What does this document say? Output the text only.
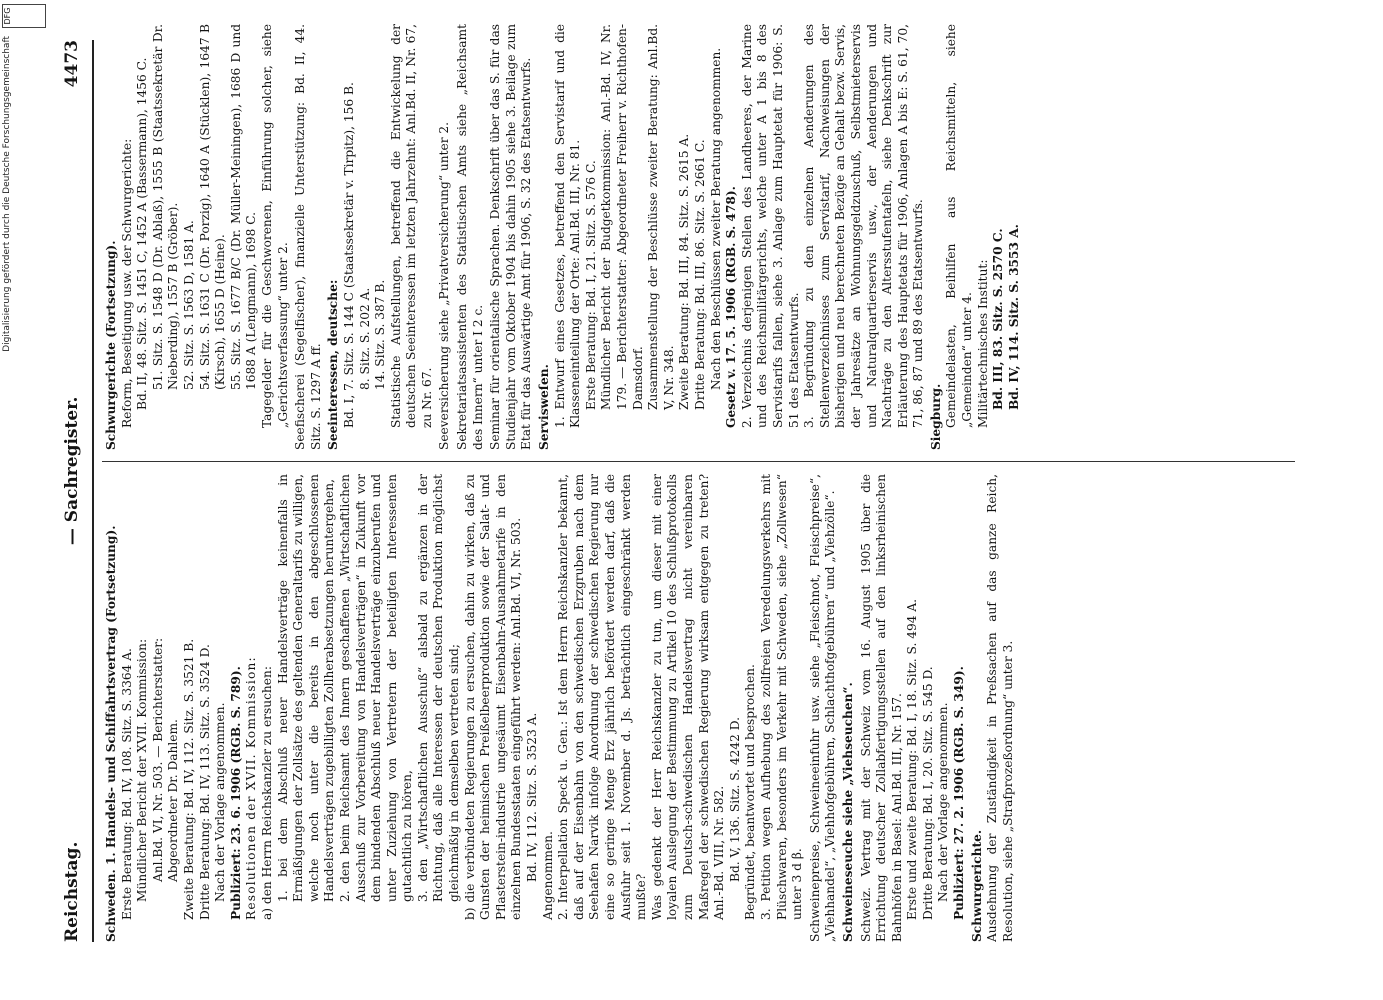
Reichstag.
— Sachregister.
4473

Schweden. 1. Handels- und Schiffahrtsvertrag (Fortsetzung). Erste Beratung: Bd. IV, 108. Sitz. S. 3364 A. Mündlicher Bericht der XVII. Kommission: Anl.Bd. VI, Nr. 503. — Berichterstatter: Abgeordneter Dr. Dahlem. Zweite Beratung: Bd. IV, 112. Sitz. S. 3521 B. Dritte Beratung: Bd. IV, 113. Sitz. S. 3524 D. Nach der Vorlage angenommen. Publiziert: 23. 6. 1906 (RGB. S. 789). Resolutionen der XVII. Kommission: a) den Herrn Reichskanzler zu ersuchen: 1. bei dem Abschluß neuer Handelsverträge keinenfalls in Ermäßigungen der Zollsätze des geltenden Generaltarifs zu willigen, welche noch unter die bereits in den abgeschlossenen Handelsverträgen zugebilligten Zollherabsetzungen heruntergehen, 2. den beim Reichsamt des Innern geschaffenen „Wirtschaftlichen Ausschuß zur Vorbereitung von Handelsverträgen“ in Zukunft vor dem bindenden Abschluß neuer Handelsverträge einzuberufen und unter Zuziehung von Vertretern der beteiligten Interessenten gutachtlich zu hören, 3. den „Wirtschaftlichen Ausschuß“ alsbald zu ergänzen in der Richtung, daß alle Interessen der deutschen Produktion möglichst gleichmäßig in demselben vertreten sind; b) die verbündeten Regierungen zu ersuchen, dahin zu wirken, daß zu Gunsten der heimischen Preißelbeerproduktion sowie der Salat- und Pflasterstein-industrie ungesäumt Eisenbahn-Ausnahmetarife in den einzelnen Bundesstaaten eingeführt werden: Anl.Bd. VI, Nr. 503. Bd. IV, 112. Sitz. S. 3523 A. Angenommen. 2. Interpellation Speck u. Gen.: Ist dem Herrn Reichskanzler bekannt, daß auf der Eisenbahn von den schwedischen Erzgruben nach dem Seehafen Narvik infolge Anordnung der schwedischen Regierung nur eine so geringe Menge Erz jährlich befördert werden darf, daß die Ausfuhr seit 1. November d. Js. beträchtlich eingeschränkt werden mußte? Was gedenkt der Herr Reichskanzler zu tun, um dieser mit einer loyalen Auslegung der Bestimmung zu Artikel 10 des Schlußprotokolls zum Deutsch-schwedischen Handelsvertrag nicht vereinbaren Maßregel der schwedischen Regierung wirksam entgegen zu treten? Anl.-Bd. VIII, Nr. 582. Bd. V, 136. Sitz. S. 4242 D. Begründet, beantwortet und besprochen. 3. Petition wegen Aufhebung des zollfreien Veredelungsverkehrs mit Plüschwaren, besonders im Verkehr mit Schweden, siehe „Zollwesen“ unter 3 d β. Schweinepreise, Schweineeinfuhr usw. siehe „Fleischnot, Fleischpreise“, „Viehhandel“, „Viehhofgebühren, Schlachthofgebühren“ und „Viehzölle“. Schweineseuche siehe „Viehseuchen“. Schweiz. Vertrag mit der Schweiz vom 16. August 1905 über die Errichtung deutscher Zollabfertigungsstellen auf den linksrheinischen Bahnhöfen in Basel: Anl.Bd. III, Nr. 157. Erste und zweite Beratung: Bd. I, 18. Sitz. S. 494 A. Dritte Beratung: Bd. I, 20. Sitz. S. 545 D. Nach der Vorlage angenommen. Publiziert: 27. 2. 1906 (RGB. S. 349). Schwurgerichte. Ausdehnung der Zuständigkeit in Preßsachen auf das ganze Reich, Resolution, siehe „Strafprozeßordnung“ unter 3.

Schwurgerichte (Fortsetzung). Reform, Beseitigung usw. der Schwurgerichte: Bd. II, 48. Sitz. S. 1451 C, 1452 A (Bassermann), 1456 C. 51. Sitz. S. 1548 D (Dr. Ablaß), 1555 B (Staatssekretär Dr. Nieberding), 1557 B (Gröber). 52. Sitz. S. 1563 D, 1581 A. 54. Sitz. S. 1631 C (Dr. Porzig), 1640 A (Stücklen), 1647 B (Kirsch), 1655 D (Heine). 55. Sitz. S. 1677 B/C (Dr. Müller-Meiningen), 1686 D und 1688 A (Lengmann), 1698 C. Tagegelder für die Geschworenen, Einführung solcher, siehe „Gerichtsverfassung“ unter 2. Seefischerei (Segelfischer), finanzielle Unterstützung: Bd. II, 44. Sitz. S. 1297 A ff. Seeinteressen, deutsche: Bd. I, 7. Sitz. S. 144 C (Staatssekretär v. Tirpitz), 156 B. 8. Sitz. S. 202 A. 14. Sitz. S. 387 B. Statistische Aufstellungen, betreffend die Entwickelung der deutschen Seeinteressen im letzten Jahrzehnt: Anl.Bd. II, Nr. 67, zu Nr. 67. Seeversicherung siehe „Privatversicherung“ unter 2. Sekretariatsassistenten des Statistischen Amts siehe „Reichsamt des Innern“ unter I 2 c. Seminar für orientalische Sprachen. Denkschrift über das S. für das Studienjahr vom Oktober 1904 bis dahin 1905 siehe 3. Beilage zum Etat für das Auswärtige Amt für 1906, S. 32 des Etatsentwurfs. Servisweſen. 1. Entwurf eines Gesetzes, betreffend den Servistarif und die Klasseneinteilung der Orte: Anl.Bd. III, Nr. 81. Erste Beratung: Bd. I, 21. Sitz. S. 576 C. Mündlicher Bericht der Budgetkommission: Anl.-Bd. IV, Nr. 179. — Berichterstatter: Abgeordneter Freiherr v. Richthofen-Damsdorf. Zusammenstellung der Beschlüsse zweiter Beratung: Anl.Bd. V, Nr. 348. Zweite Beratung: Bd. III, 84. Sitz. S. 2615 A. Dritte Beratung: Bd. III, 86. Sitz. S. 2661 C. Nach den Beschlüssen zweiter Beratung angenommen. Gesetz v. 17. 5. 1906 (RGB. S. 478). 2. Verzeichnis derjenigen Stellen des Landheeres, der Marine und des Reichsmilitärgerichts, welche unter A 1 bis 8 des Servistarifs fallen, siehe 3. Anlage zum Hauptetat für 1906: S. 51 des Etatsentwurfs. 3. Begründung zu den einzelnen Aenderungen des Stellenverzeichnisses zum Servistarif, Nachweisungen der bisherigen und neu berechneten Bezüge an Gehalt bezw. Servis, der Jahresätze an Wohnungsgeldzuschuß, Selbstmieterservis und Naturalquartierservis usw., der Aenderungen und Nachträge zu den Altersstufentafeln, siehe Denkschrift zur Erläuterung des Hauptetats für 1906, Anlagen A bis E: S. 61, 70, 71, 86, 87 und 89 des Etatsentwurfs. Siegburg. Gemeindelasten, Beihilfen aus Reichsmitteln, siehe „Gemeinden“ unter 4. Militärtechnisches Institut: Bd. III, 83. Sitz. S. 2570 C. Bd. IV, 114. Sitz. S. 3553 A.

Digitalisierung gefördert durch die Deutsche Forschungsgemeinschaft
DFG
